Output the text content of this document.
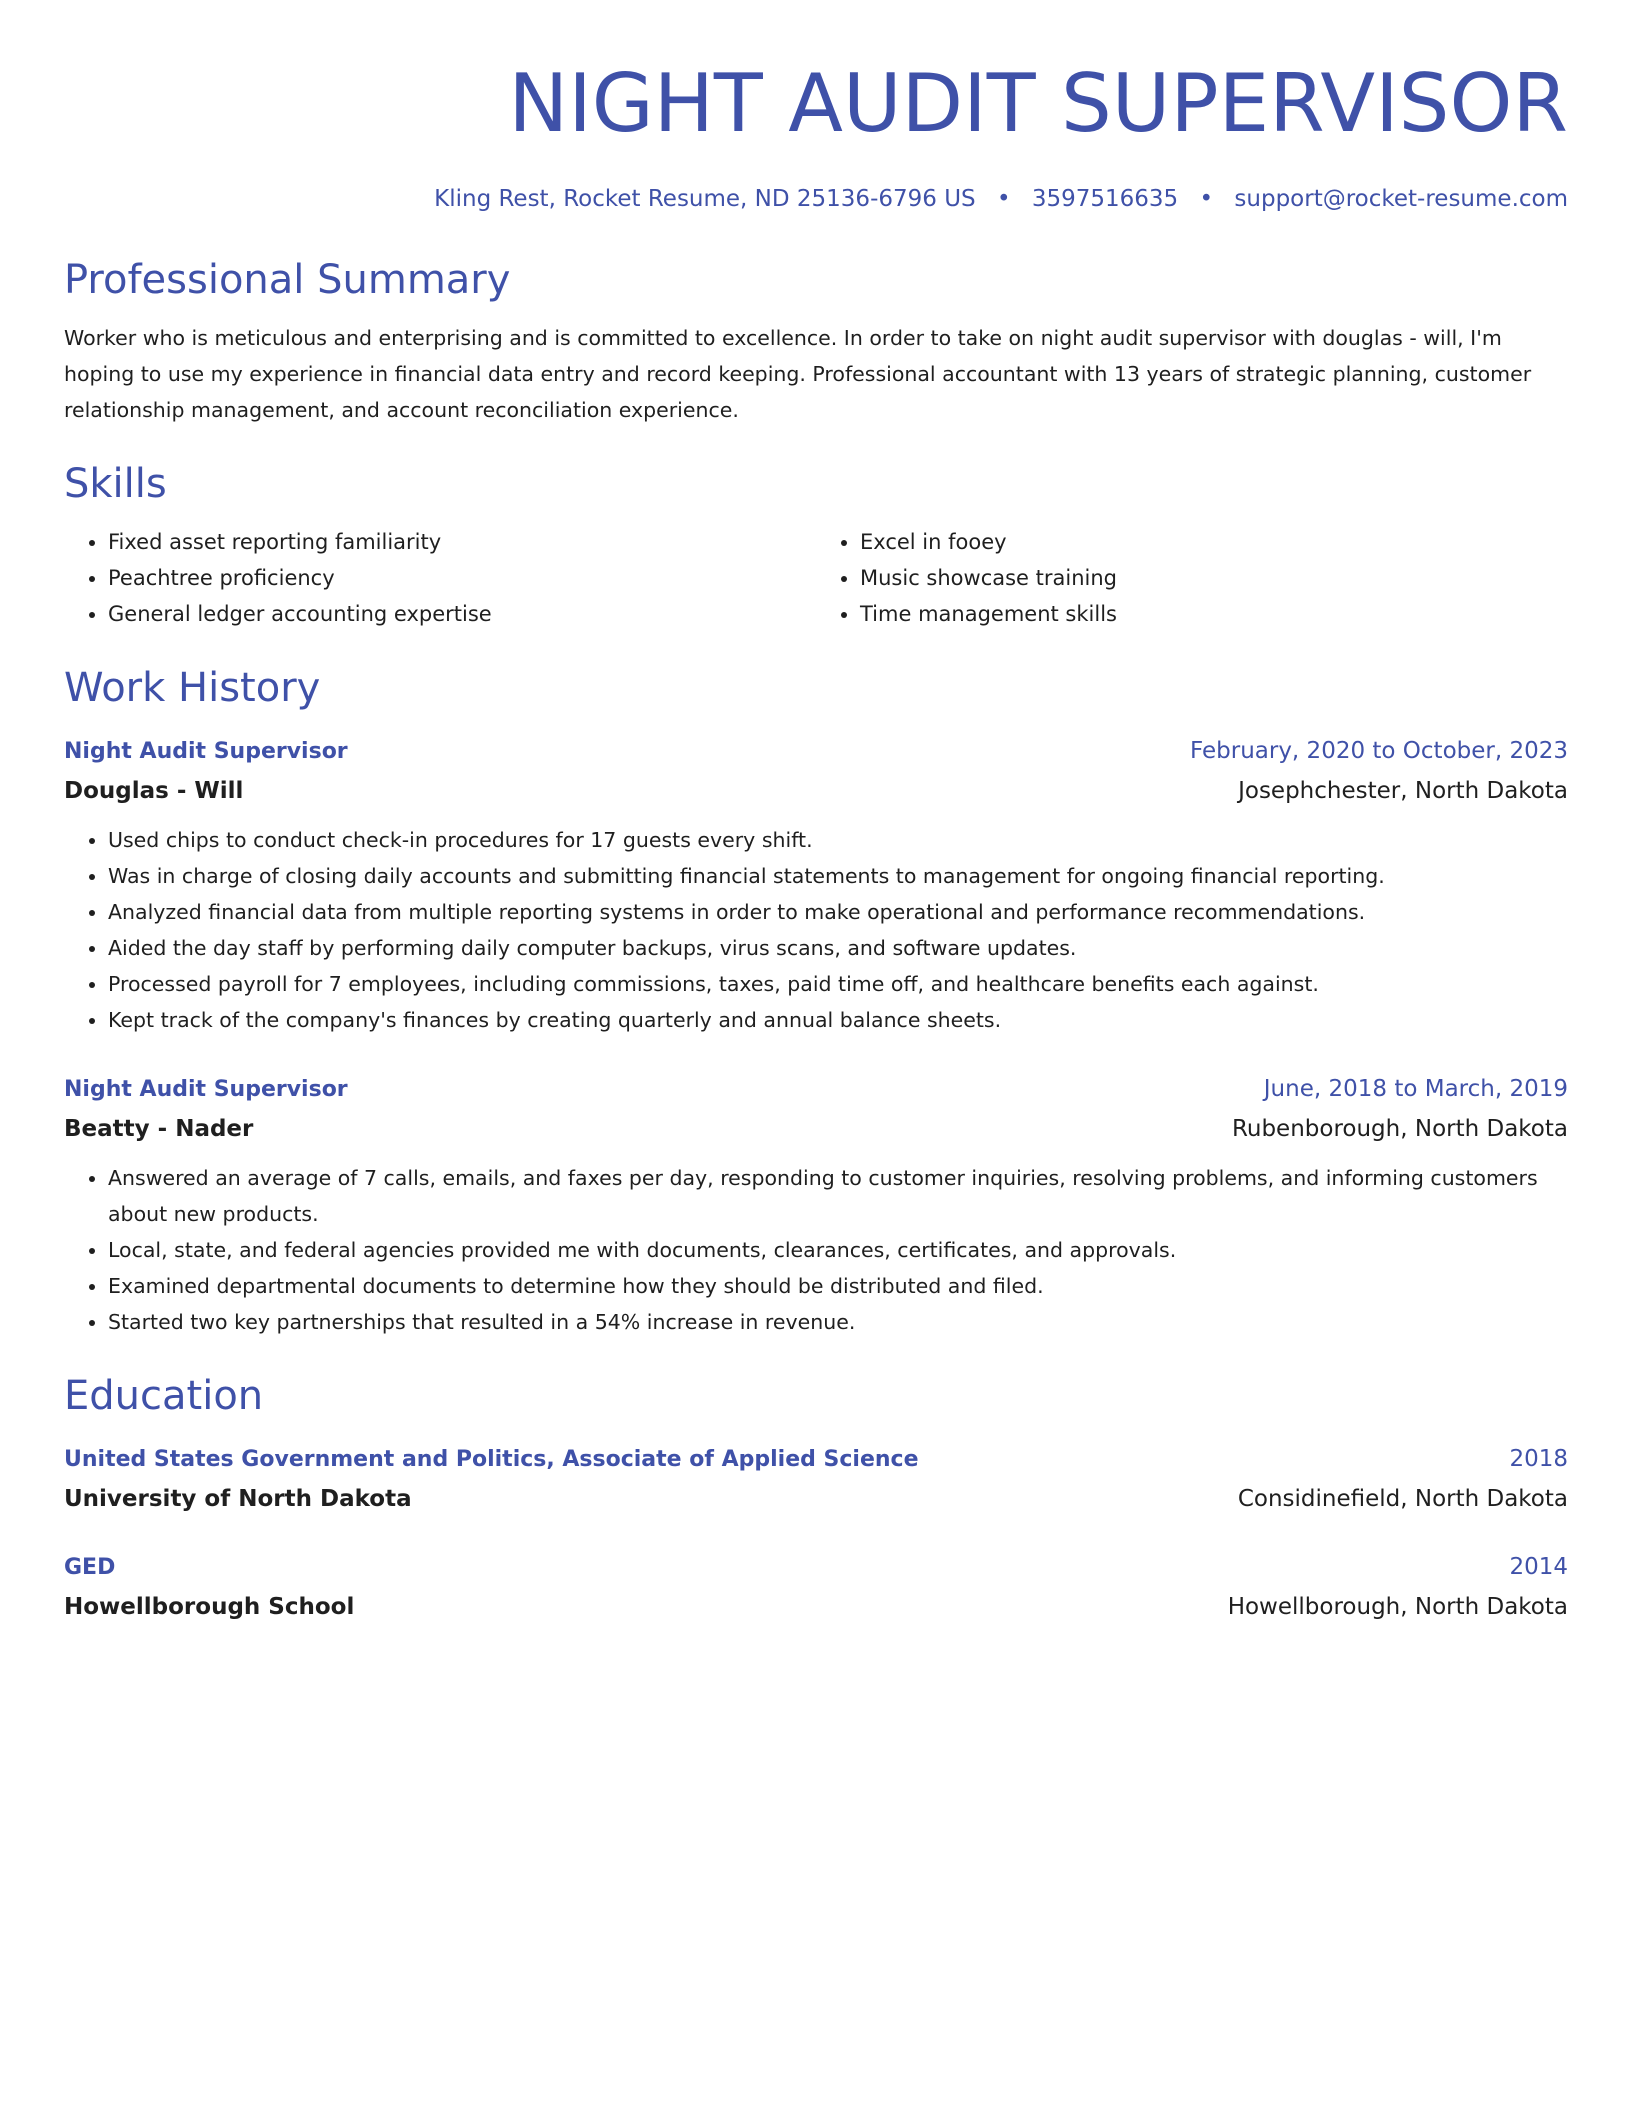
NIGHT AUDIT SUPERVISOR
Kling Rest, Rocket Resume, ND 25136-6796 US • 3597516635 • support@rocket-resume.com
Professional Summary
Worker who is meticulous and enterprising and is committed to excellence. In order to take on night audit supervisor with douglas - will, I'm hoping to use my experience in financial data entry and record keeping. Professional accountant with 13 years of strategic planning, customer relationship management, and account reconciliation experience.
Skills
• Fixed asset reporting familiarity
• Peachtree proficiency
• General ledger accounting expertise
• Excel in fooey
• Music showcase training
• Time management skills
Work History
Night Audit Supervisor	February, 2020 to October, 2023
Douglas - Will	Josephchester, North Dakota
• Used chips to conduct check-in procedures for 17 guests every shift.
• Was in charge of closing daily accounts and submitting financial statements to management for ongoing financial reporting.
• Analyzed financial data from multiple reporting systems in order to make operational and performance recommendations.
• Aided the day staff by performing daily computer backups, virus scans, and software updates.
• Processed payroll for 7 employees, including commissions, taxes, paid time off, and healthcare benefits each against.
• Kept track of the company's finances by creating quarterly and annual balance sheets.
Night Audit Supervisor	June, 2018 to March, 2019
Beatty - Nader	Rubenborough, North Dakota
• Answered an average of 7 calls, emails, and faxes per day, responding to customer inquiries, resolving problems, and informing customers about new products.
• Local, state, and federal agencies provided me with documents, clearances, certificates, and approvals.
• Examined departmental documents to determine how they should be distributed and filed.
• Started two key partnerships that resulted in a 54% increase in revenue.
Education
United States Government and Politics, Associate of Applied Science	2018
University of North Dakota	Considinefield, North Dakota
GED	2014
Howellborough School	Howellborough, North Dakota
